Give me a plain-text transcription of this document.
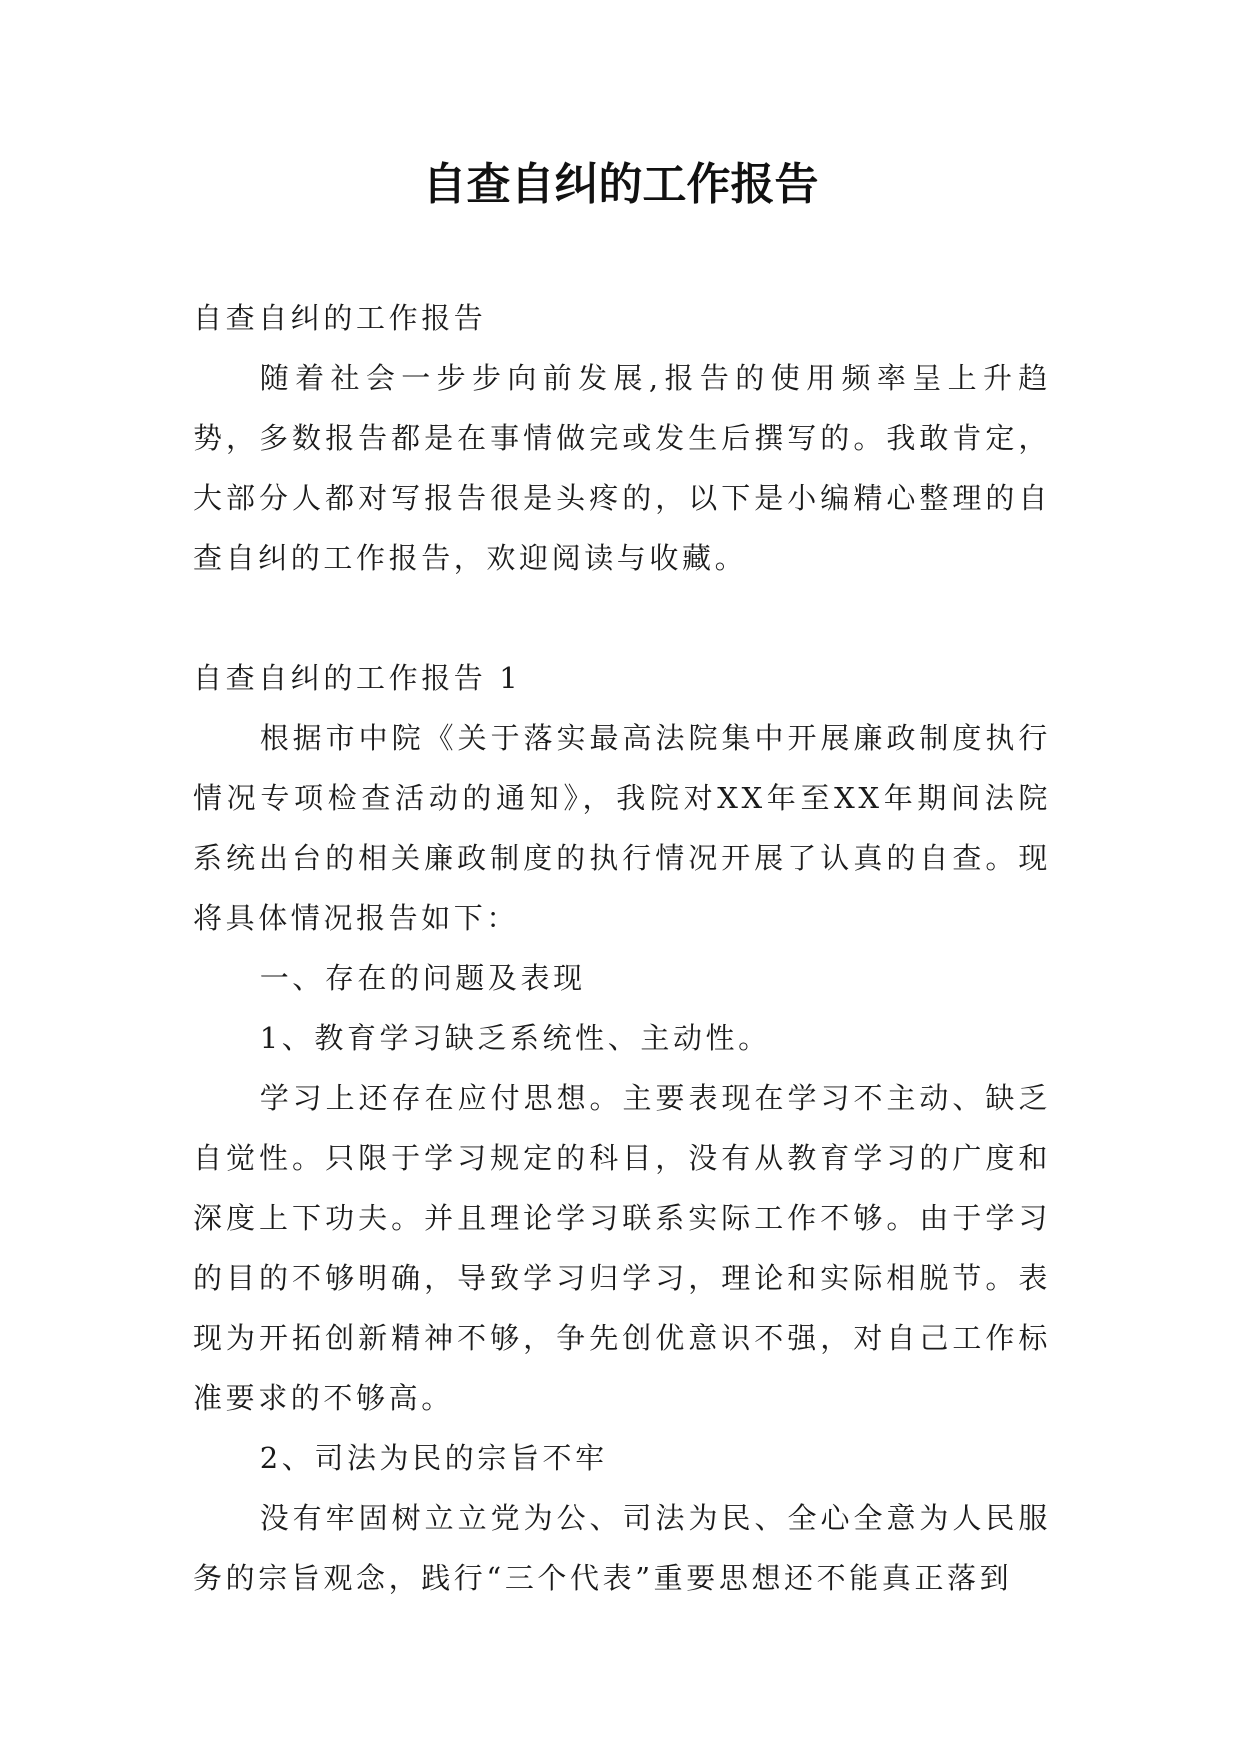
自查自纠的工作报告

自查自纠的工作报告

随着社会一步步向前发展,报告的使用频率呈上升趋势，多数报告都是在事情做完或发生后撰写的。我敢肯定，大部分人都对写报告很是头疼的，以下是小编精心整理的自查自纠的工作报告，欢迎阅读与收藏。

自查自纠的工作报告 1

根据市中院《关于落实最高法院集中开展廉政制度执行情况专项检查活动的通知》，我院对XX年至XX年期间法院系统出台的相关廉政制度的执行情况开展了认真的自查。现将具体情况报告如下：

一、存在的问题及表现

1、教育学习缺乏系统性、主动性。

学习上还存在应付思想。主要表现在学习不主动、缺乏自觉性。只限于学习规定的科目，没有从教育学习的广度和深度上下功夫。并且理论学习联系实际工作不够。由于学习的目的不够明确，导致学习归学习，理论和实际相脱节。表现为开拓创新精神不够，争先创优意识不强，对自己工作标准要求的不够高。

2、司法为民的宗旨不牢

没有牢固树立立党为公、司法为民、全心全意为人民服务的宗旨观念，践行“三个代表”重要思想还不能真正落到
